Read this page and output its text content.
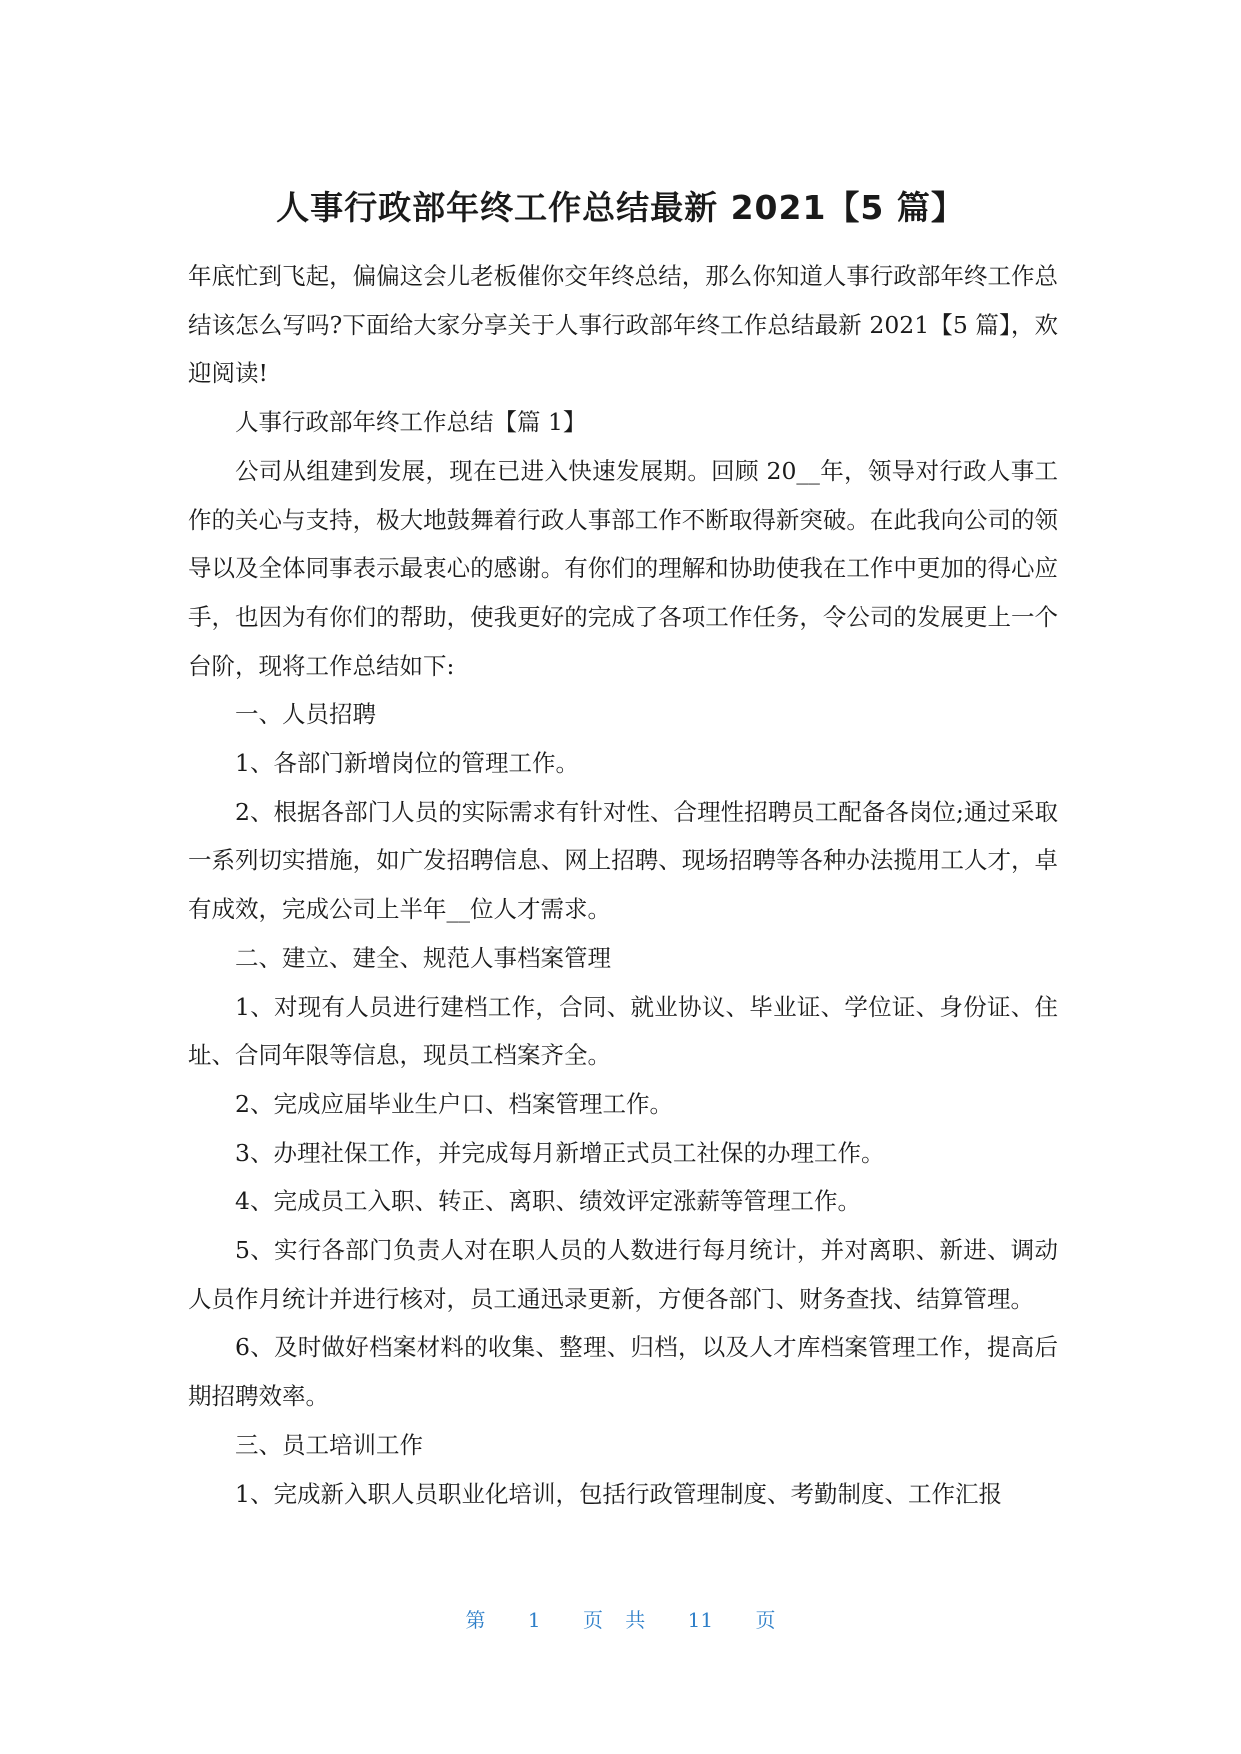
人事行政部年终工作总结最新 2021【5 篇】

年底忙到飞起，偏偏这会儿老板催你交年终总结，那么你知道人事行政部年终工作总结该怎么写吗?下面给大家分享关于人事行政部年终工作总结最新 2021【5 篇】，欢迎阅读!

人事行政部年终工作总结【篇 1】

公司从组建到发展，现在已进入快速发展期。回顾 20__年，领导对行政人事工作的关心与支持，极大地鼓舞着行政人事部工作不断取得新突破。在此我向公司的领导以及全体同事表示最衷心的感谢。有你们的理解和协助使我在工作中更加的得心应手，也因为有你们的帮助，使我更好的完成了各项工作任务，令公司的发展更上一个台阶，现将工作总结如下:

一、人员招聘

1、各部门新增岗位的管理工作。

2、根据各部门人员的实际需求有针对性、合理性招聘员工配备各岗位;通过采取一系列切实措施，如广发招聘信息、网上招聘、现场招聘等各种办法揽用工人才，卓有成效，完成公司上半年__位人才需求。

二、建立、建全、规范人事档案管理

1、对现有人员进行建档工作，合同、就业协议、毕业证、学位证、身份证、住址、合同年限等信息，现员工档案齐全。

2、完成应届毕业生户口、档案管理工作。

3、办理社保工作，并完成每月新增正式员工社保的办理工作。

4、完成员工入职、转正、离职、绩效评定涨薪等管理工作。

5、实行各部门负责人对在职人员的人数进行每月统计，并对离职、新进、调动人员作月统计并进行核对，员工通迅录更新，方便各部门、财务查找、结算管理。

6、及时做好档案材料的收集、整理、归档，以及人才库档案管理工作，提高后期招聘效率。

三、员工培训工作

1、完成新入职人员职业化培训，包括行政管理制度、考勤制度、工作汇报

第 1 页 共 11 页
